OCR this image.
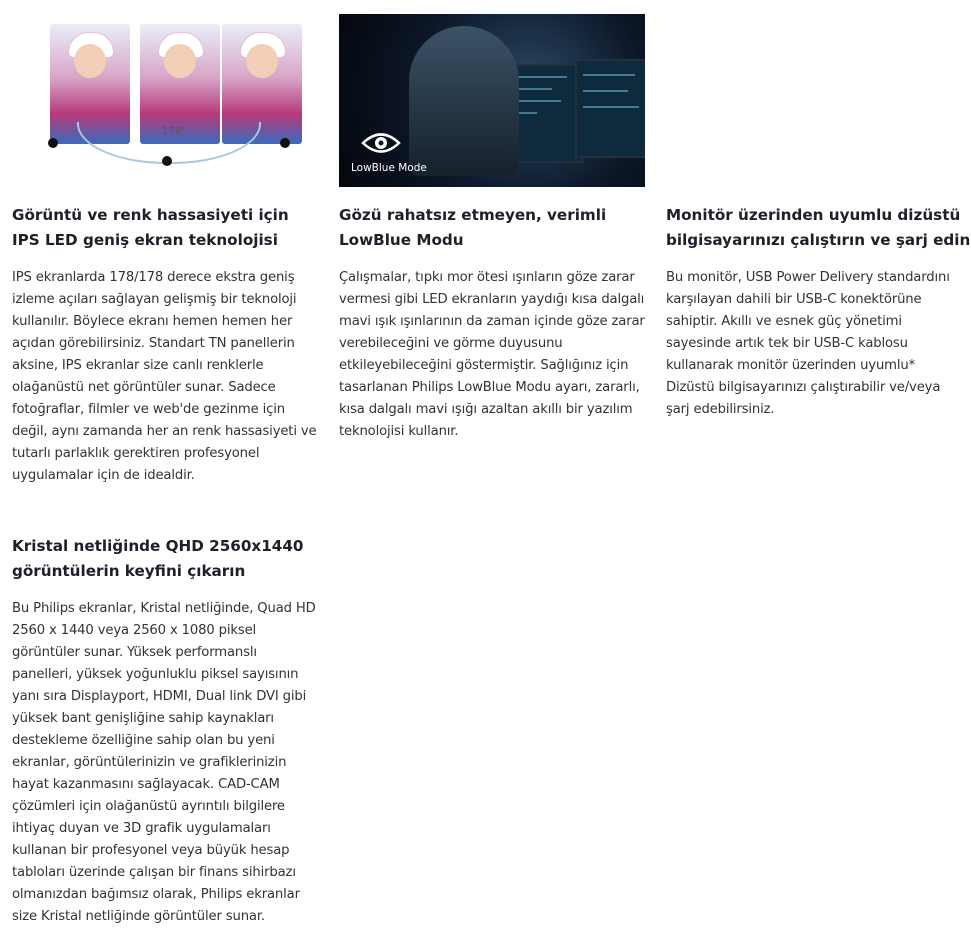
178°
Görüntü ve renk hassasiyeti için IPS LED geniş ekran teknolojisi

IPS ekranlarda 178/178 derece ekstra geniş izleme açıları sağlayan gelişmiş bir teknoloji kullanılır. Böylece ekranı hemen hemen her açıdan görebilirsiniz. Standart TN panellerin aksine, IPS ekranlar size canlı renklerle olağanüstü net görüntüler sunar. Sadece fotoğraflar, filmler ve web'de gezinme için değil, aynı zamanda her an renk hassasiyeti ve tutarlı parlaklık gerektiren profesyonel uygulamalar için de idealdir.

LowBlue Mode
Gözü rahatsız etmeyen, verimli LowBlue Modu

Çalışmalar, tıpkı mor ötesi ışınların göze zarar vermesi gibi LED ekranların yaydığı kısa dalgalı mavi ışık ışınlarının da zaman içinde göze zarar verebileceğini ve görme duyusunu etkileyebileceğini göstermiştir. Sağlığınız için tasarlanan Philips LowBlue Modu ayarı, zararlı, kısa dalgalı mavi ışığı azaltan akıllı bir yazılım teknolojisi kullanır.

Monitör üzerinden uyumlu dizüstü bilgisayarınızı çalıştırın ve şarj edin

Bu monitör, USB Power Delivery standardını karşılayan dahili bir USB-C konektörüne sahiptir. Akıllı ve esnek güç yönetimi sayesinde artık tek bir USB-C kablosu kullanarak monitör üzerinden uyumlu* Dizüstü bilgisayarınızı çalıştırabilir ve/veya şarj edebilirsiniz.

Kristal netliğinde QHD 2560x1440 görüntülerin keyfini çıkarın

Bu Philips ekranlar, Kristal netliğinde, Quad HD 2560 x 1440 veya 2560 x 1080 piksel görüntüler sunar. Yüksek performanslı panelleri, yüksek yoğunluklu piksel sayısının yanı sıra Displayport, HDMI, Dual link DVI gibi yüksek bant genişliğine sahip kaynakları destekleme özelliğine sahip olan bu yeni ekranlar, görüntülerinizin ve grafiklerinizin hayat kazanmasını sağlayacak. CAD-CAM çözümleri için olağanüstü ayrıntılı bilgilere ihtiyaç duyan ve 3D grafik uygulamaları kullanan bir profesyonel veya büyük hesap tabloları üzerinde çalışan bir finans sihirbazı olmanızdan bağımsız olarak, Philips ekranlar size Kristal netliğinde görüntüler sunar.
